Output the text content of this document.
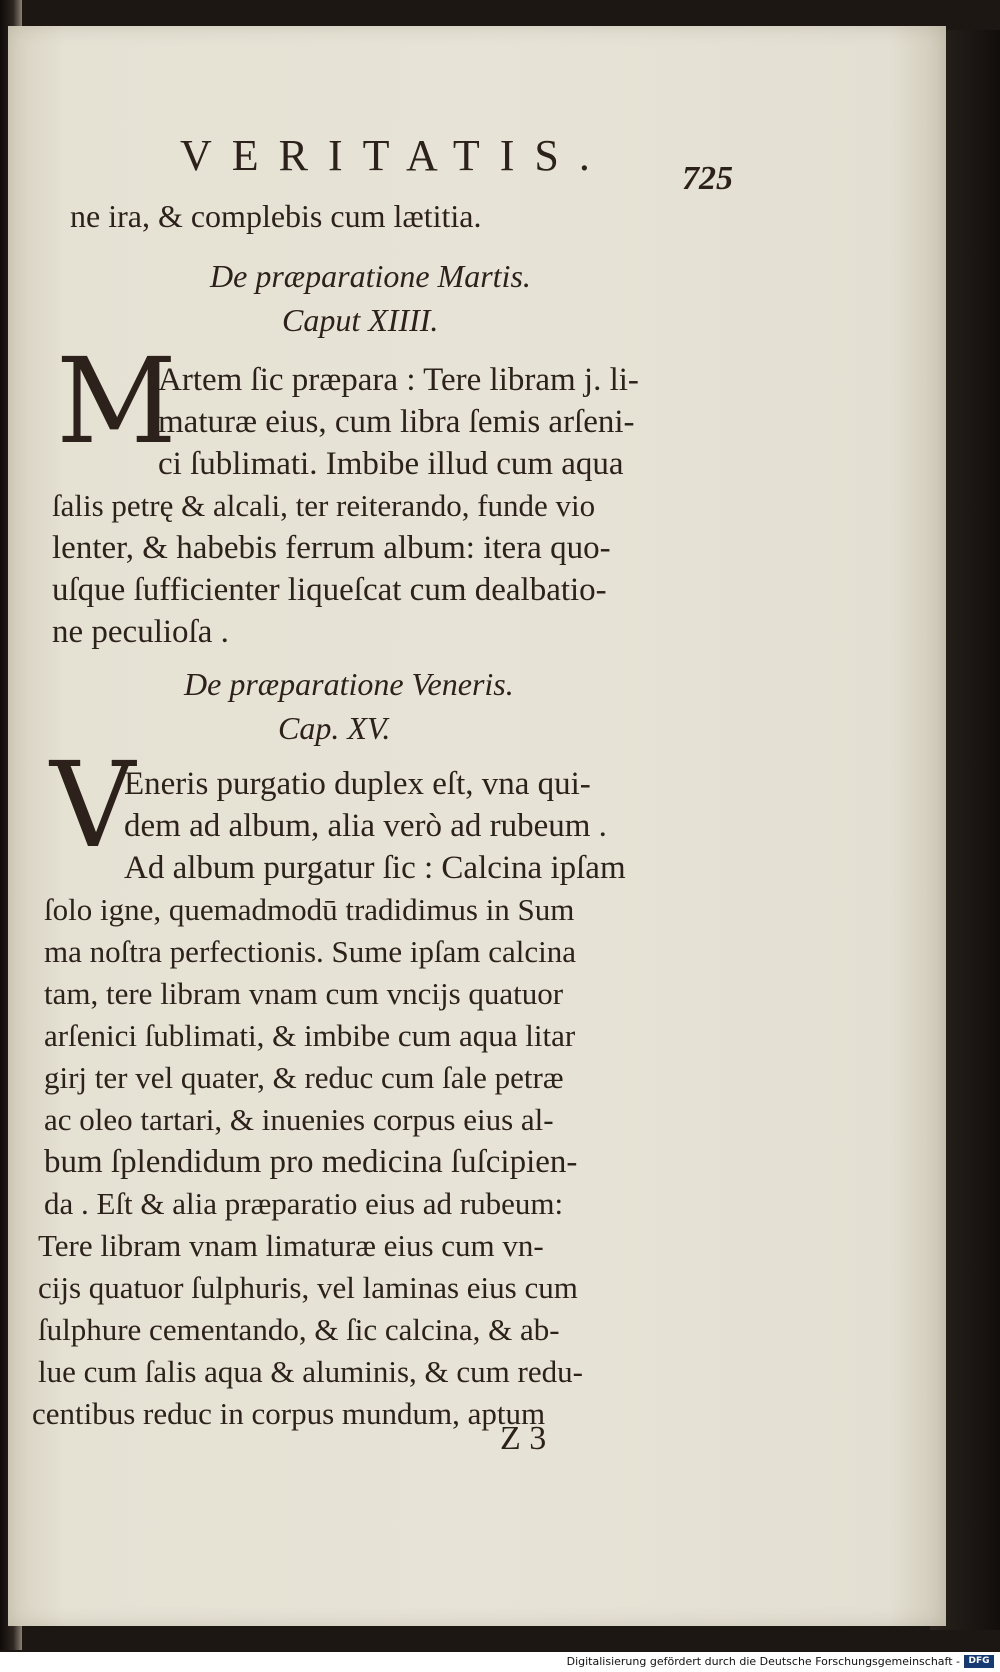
VERITATIS. 725
ne ira, & complebis cum lætitia.
De præparatione Martis.
Caput XIIII.
M
Artem ſic præpara : Tere libram j. li-
maturæ eius, cum libra ſemis arſeni-
ci ſublimati. Imbibe illud cum aqua
ſalis petrę & alcali, ter reiterando, funde vio
lenter, & habebis ferrum album: itera quo-
uſque ſufficienter liqueſcat cum dealbatio-
ne peculioſa .
De præparatione Veneris.
Cap. XV.
V
Eneris purgatio duplex eſt, vna qui-
dem ad album, alia verò ad rubeum .
Ad album purgatur ſic : Calcina ipſam
ſolo igne, quemadmodū tradidimus in Sum
ma noſtra perfectionis. Sume ipſam calcina
tam, tere libram vnam cum vncijs quatuor
arſenici ſublimati, & imbibe cum aqua litar
girj ter vel quater, & reduc cum ſale petræ
ac oleo tartari, & inuenies corpus eius al-
bum ſplendidum pro medicina ſuſcipien-
da . Eſt & alia præparatio eius ad rubeum:
Tere libram vnam limaturæ eius cum vn-
cijs quatuor ſulphuris, vel laminas eius cum
ſulphure cementando, & ſic calcina, & ab-
lue cum ſalis aqua & aluminis, & cum redu-
centibus reduc in corpus mundum, aptum
Z 3
Digitalisierung gefördert durch die Deutsche Forschungsgemeinschaft - DFG
